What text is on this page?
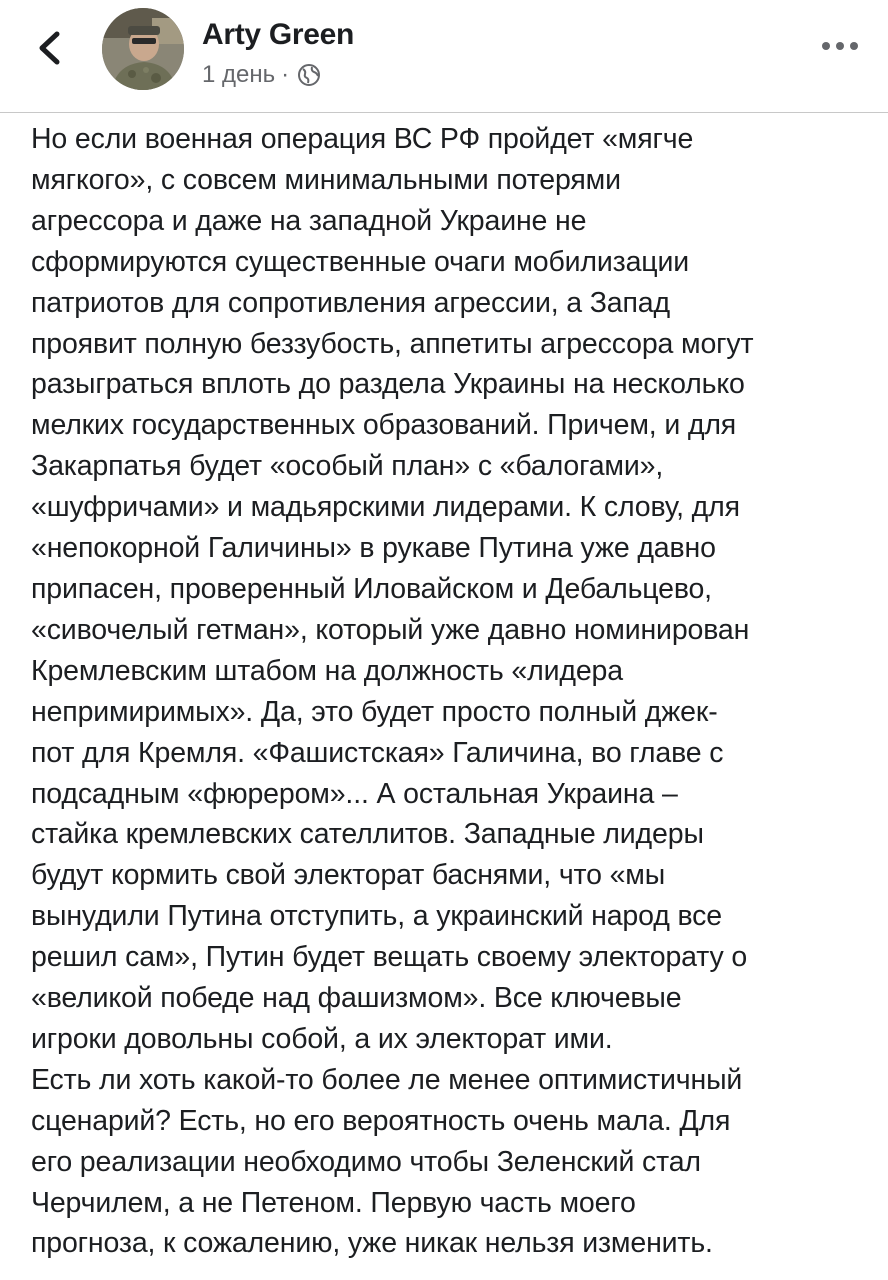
Arty Green
1 день ·
Но если военная операция ВС РФ пройдет «мягче
мягкого», с совсем минимальными потерями
агрессора и даже на западной Украине не
сформируются существенные очаги мобилизации
патриотов для сопротивления агрессии, а Запад
проявит полную беззубость, аппетиты агрессора могут
разыграться вплоть до раздела Украины на несколько
мелких государственных образований. Причем, и для
Закарпатья будет «особый план» с «балогами»,
«шуфричами» и мадьярскими лидерами. К слову, для
«непокорной Галичины» в рукаве Путина уже давно
припасен, проверенный Иловайском и Дебальцево,
«сивочелый гетман», который уже давно номинирован
Кремлевским штабом на должность «лидера
непримиримых». Да, это будет просто полный джек-
пот для Кремля. «Фашистская» Галичина, во главе с
подсадным «фюрером»... А остальная Украина –
стайка кремлевских сателлитов. Западные лидеры
будут кормить свой электорат баснями, что «мы
вынудили Путина отступить, а украинский народ все
решил сам», Путин будет вещать своему электорату о
«великой победе над фашизмом». Все ключевые
игроки довольны собой, а их электорат ими.
Есть ли хоть какой-то более ле менее оптимистичный
сценарий? Есть, но его вероятность очень мала. Для
его реализации необходимо чтобы Зеленский стал
Черчилем, а не Петеном. Первую часть моего
прогноза, к сожалению, уже никак нельзя изменить.
